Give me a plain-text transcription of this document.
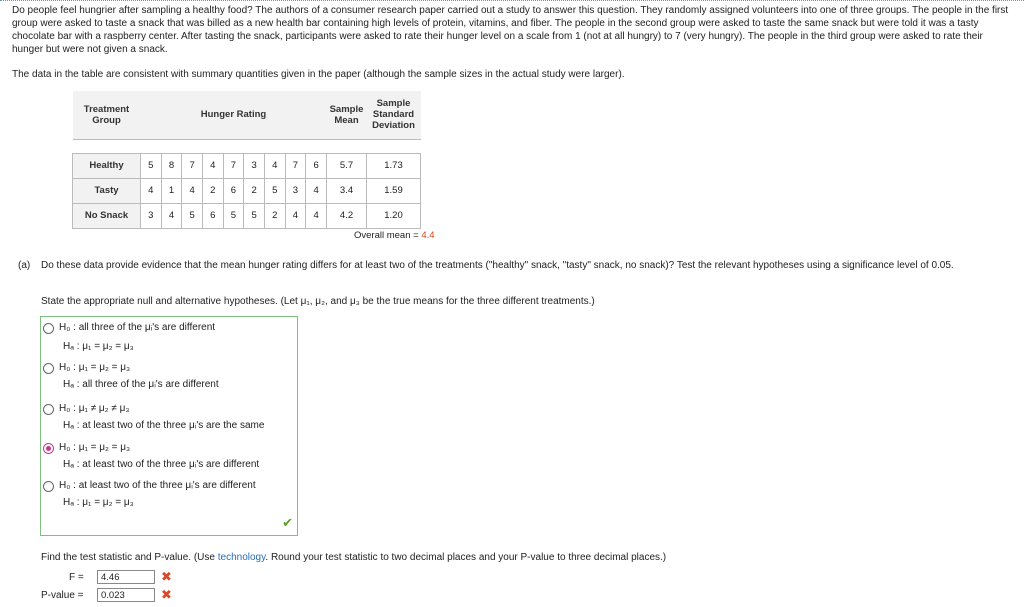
Do people feel hungrier after sampling a healthy food? The authors of a consumer research paper carried out a study to answer this question. They randomly assigned volunteers into one of three groups. The people in the first group were asked to taste a snack that was billed as a new health bar containing high levels of protein, vitamins, and fiber. The people in the second group were asked to taste the same snack but were told it was a tasty chocolate bar with a raspberry center. After tasting the snack, participants were asked to rate their hunger level on a scale from 1 (not at all hungry) to 7 (very hungry). The people in the third group were asked to rate their hunger but were not given a snack.
The data in the table are consistent with summary quantities given in the paper (although the sample sizes in the actual study were larger).
Treatment Group	Hunger Rating									Sample Mean	Sample Standard Deviation

Healthy	5	8	7	4	7	3	4	7	6	5.7	1.73
Tasty	4	1	4	2	6	2	5	3	4	3.4	1.59
No Snack	3	4	5	6	5	5	2	4	4	4.2	1.20
Overall mean = 4.4
(a) Do these data provide evidence that the mean hunger rating differs for at least two of the treatments ("healthy" snack, "tasty" snack, no snack)? Test the relevant hypotheses using a significance level of 0.05.
State the appropriate null and alternative hypotheses. (Let μ₁, μ₂, and μ₃ be the true means for the three different treatments.)
H₀ : all three of the μᵢ's are different
Hₐ : μ₁ = μ₂ = μ₃
H₀ : μ₁ = μ₂ = μ₃
Hₐ : all three of the μᵢ's are different
H₀ : μ₁ ≠ μ₂ ≠ μ₃
Hₐ : at least two of the three μᵢ's are the same
H₀ : μ₁ = μ₂ = μ₃
Hₐ : at least two of the three μᵢ's are different
H₀ : at least two of the three μᵢ's are different
Hₐ : μ₁ = μ₂ = μ₃
✔
Find the test statistic and P-value. (Use technology. Round your test statistic to two decimal places and your P-value to three decimal places.)
F =
4.46	✖
P-value =
0.023	✖
